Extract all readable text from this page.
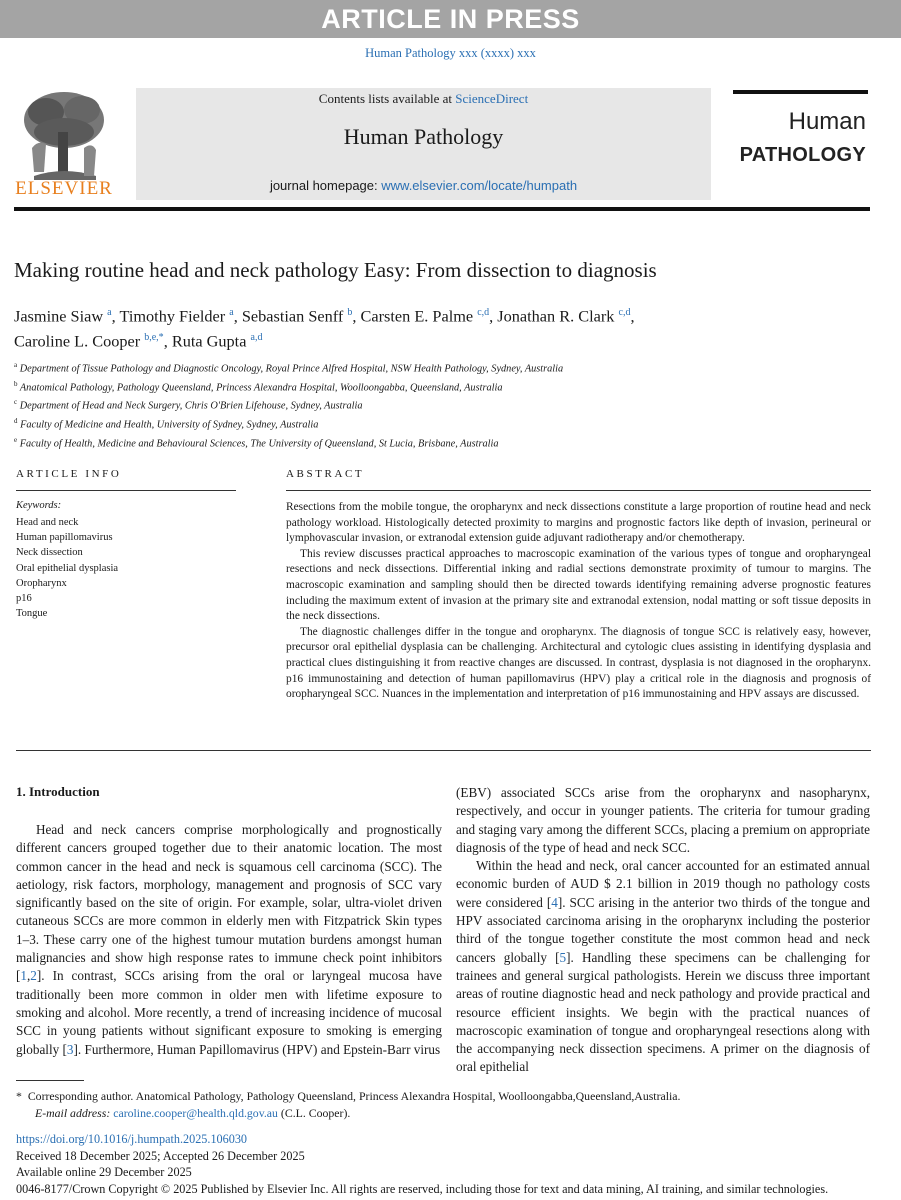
ARTICLE IN PRESS
Human Pathology xxx (xxxx) xxx
ELSEVIER
Contents lists available at ScienceDirect
Human Pathology
journal homepage: www.elsevier.com/locate/humpath
Human
PATHOLOGY
Making routine head and neck pathology Easy: From dissection to diagnosis
Jasmine Siaw $^a$, Timothy Fielder $^a$, Sebastian Senff $^b$, Carsten E. Palme $^{c,d}$, Jonathan R. Clark $^{c,d}$,
Caroline L. Cooper $^{b,e,*}$, Ruta Gupta $^{a,d}$
$^a$ Department of Tissue Pathology and Diagnostic Oncology, Royal Prince Alfred Hospital, NSW Health Pathology, Sydney, Australia
$^b$ Anatomical Pathology, Pathology Queensland, Princess Alexandra Hospital, Woolloongabba, Queensland, Australia
$^c$ Department of Head and Neck Surgery, Chris O'Brien Lifehouse, Sydney, Australia
$^d$ Faculty of Medicine and Health, University of Sydney, Sydney, Australia
$^e$ Faculty of Health, Medicine and Behavioural Sciences, The University of Queensland, St Lucia, Brisbane, Australia
ARTICLE INFO	ABSTRACT
Keywords:
Head and neck
Human papillomavirus
Neck dissection
Oral epithelial dysplasia
Oropharynx
p16
Tongue

Resections from the mobile tongue, the oropharynx and neck dissections constitute a large proportion of routine head and neck pathology workload. Histologically detected proximity to margins and prognostic factors like depth of invasion, perineural or lymphovascular invasion, or extranodal extension guide adjuvant radiotherapy and/or chemotherapy.

This review discusses practical approaches to macroscopic examination of the various types of tongue and oropharyngeal resections and neck dissections. Differential inking and radial sections demonstrate proximity of tumour to margins. The macroscopic examination and sampling should then be directed towards identifying remaining adverse prognostic features including the maximum extent of invasion at the primary site and extranodal extension, nodal matting or soft tissue deposits in the neck dissections.

The diagnostic challenges differ in the tongue and oropharynx. The diagnosis of tongue SCC is relatively easy, however, precursor oral epithelial dysplasia can be challenging. Architectural and cytologic clues assisting in identifying dysplasia and practical clues distinguishing it from reactive changes are discussed. In contrast, dysplasia is not diagnosed in the oropharynx. p16 immunostaining and detection of human papillomavirus (HPV) play a critical role in the diagnosis and prognosis of oropharyngeal SCC. Nuances in the implementation and interpretation of p16 immunostaining and HPV assays are discussed.

1. Introduction

Head and neck cancers comprise morphologically and prognostically different cancers grouped together due to their anatomic location. The most common cancer in the head and neck is squamous cell carcinoma (SCC). The aetiology, risk factors, morphology, management and prognosis of SCC vary significantly based on the site of origin. For example, solar, ultra-violet driven cutaneous SCCs are more common in elderly men with Fitzpatrick Skin types 1–3. These carry one of the highest tumour mutation burdens amongst human malignancies and show high response rates to immune check point inhibitors [1,2]. In contrast, SCCs arising from the oral or laryngeal mucosa have traditionally been more common in older men with lifetime exposure to smoking and alcohol. More recently, a trend of increasing incidence of mucosal SCC in young patients without significant exposure to smoking is emerging globally [3]. Furthermore, Human Papillomavirus (HPV) and Epstein-Barr virus

(EBV) associated SCCs arise from the oropharynx and nasopharynx, respectively, and occur in younger patients. The criteria for tumour grading and staging vary among the different SCCs, placing a premium on appropriate diagnosis of the type of head and neck SCC.

Within the head and neck, oral cancer accounted for an estimated annual economic burden of AUD $ 2.1 billion in 2019 though no pathology costs were considered [4]. SCC arising in the anterior two thirds of the tongue and HPV associated carcinoma arising in the oropharynx including the posterior third of the tongue together constitute the most common head and neck cancers globally [5]. Handling these specimens can be challenging for trainees and general surgical pathologists. Herein we discuss three important areas of routine diagnostic head and neck pathology and provide practical and resource efficient insights. We begin with the practical nuances of macroscopic examination of tongue and oropharyngeal resections along with the accompanying neck dissection specimens. A primer on the diagnosis of oral epithelial

* Corresponding author. Anatomical Pathology, Pathology Queensland, Princess Alexandra Hospital, Woolloongabba,Queensland,Australia.
E-mail address: caroline.cooper@health.qld.gov.au (C.L. Cooper).
https://doi.org/10.1016/j.humpath.2025.106030
Received 18 December 2025; Accepted 26 December 2025
Available online 29 December 2025
0046-8177/Crown Copyright © 2025 Published by Elsevier Inc. All rights are reserved, including those for text and data mining, AI training, and similar technologies.
